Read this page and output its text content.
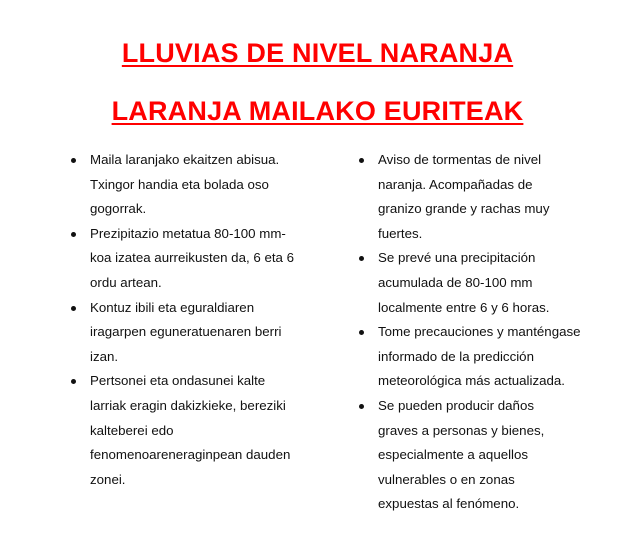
LLUVIAS DE NIVEL NARANJA
LARANJA MAILAKO EURITEAK
Maila laranjako ekaitzen abisua. Txingor handia eta bolada oso gogorrak.
Prezipitazio metatua 80-100 mm-koa izatea aurreikusten da, 6 eta 6 ordu artean.
Kontuz ibili eta eguraldiaren iragarpen eguneratuenaren berri izan.
Pertsonei eta ondasunei kalte larriak eragin dakizkieke, bereziki kalteberei edo fenomenoareneraginpean dauden zonei.
Aviso de tormentas de nivel naranja. Acompañadas de granizo grande y rachas muy fuertes.
Se prevé una precipitación acumulada de 80-100 mm localmente entre 6 y 6 horas.
Tome precauciones y manténgase informado de la predicción meteorológica más actualizada.
Se pueden producir daños graves a personas y bienes, especialmente a aquellos vulnerables o en zonas expuestas al fenómeno.
